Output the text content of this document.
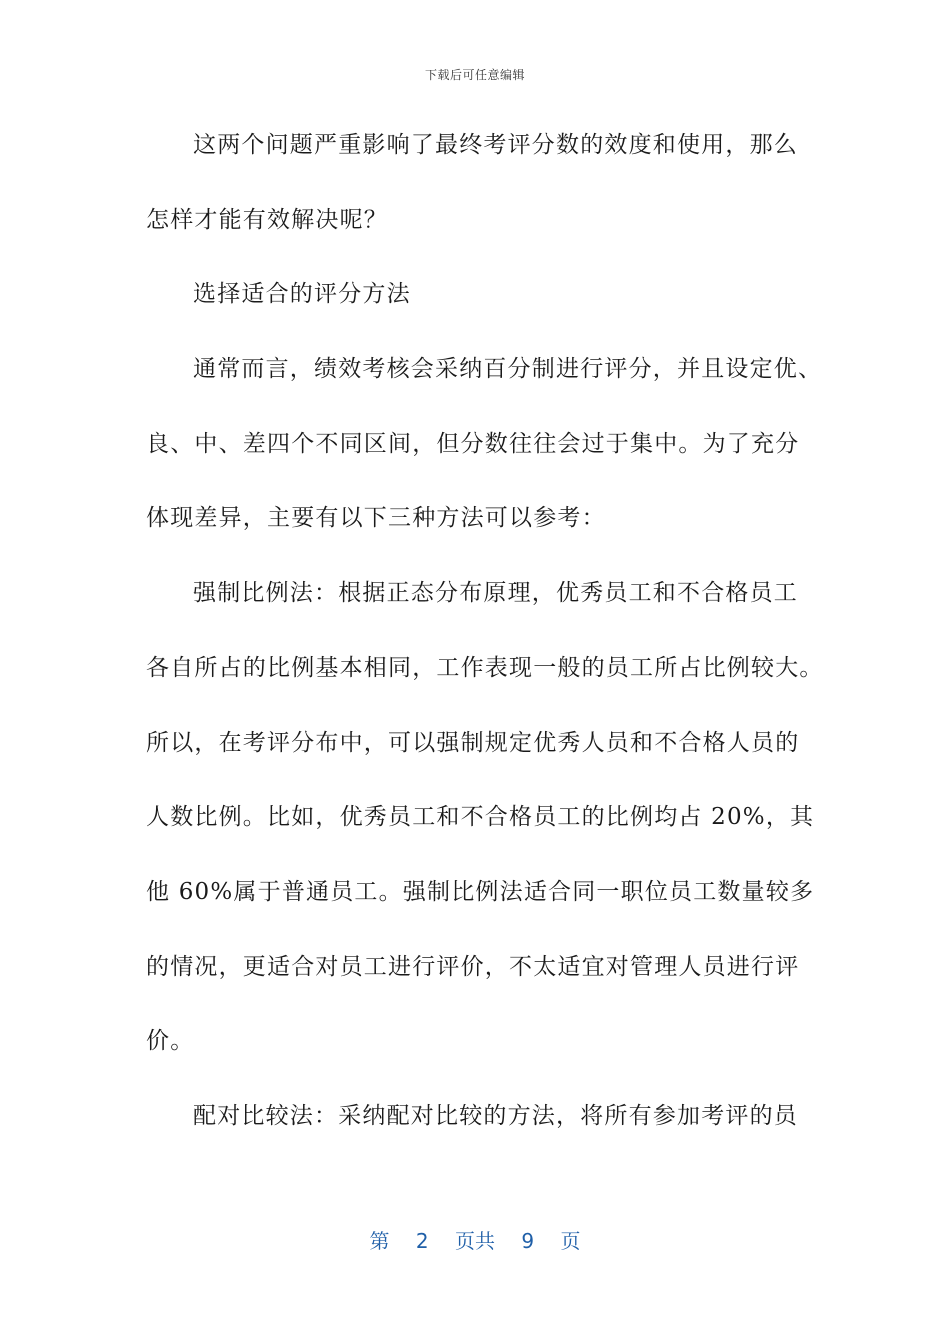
下载后可任意编辑
这两个问题严重影响了最终考评分数的效度和使用，那么
怎样才能有效解决呢？
选择适合的评分方法
通常而言，绩效考核会采纳百分制进行评分，并且设定优、
良、中、差四个不同区间，但分数往往会过于集中。为了充分
体现差异，主要有以下三种方法可以参考：
强制比例法：根据正态分布原理，优秀员工和不合格员工
各自所占的比例基本相同，工作表现一般的员工所占比例较大。
所以，在考评分布中，可以强制规定优秀人员和不合格人员的
人数比例。比如，优秀员工和不合格员工的比例均占 20%，其
他 60%属于普通员工。强制比例法适合同一职位员工数量较多
的情况，更适合对员工进行评价，不太适宜对管理人员进行评
价。
配对比较法：采纳配对比较的方法，将所有参加考评的员
第 2 页共 9 页
